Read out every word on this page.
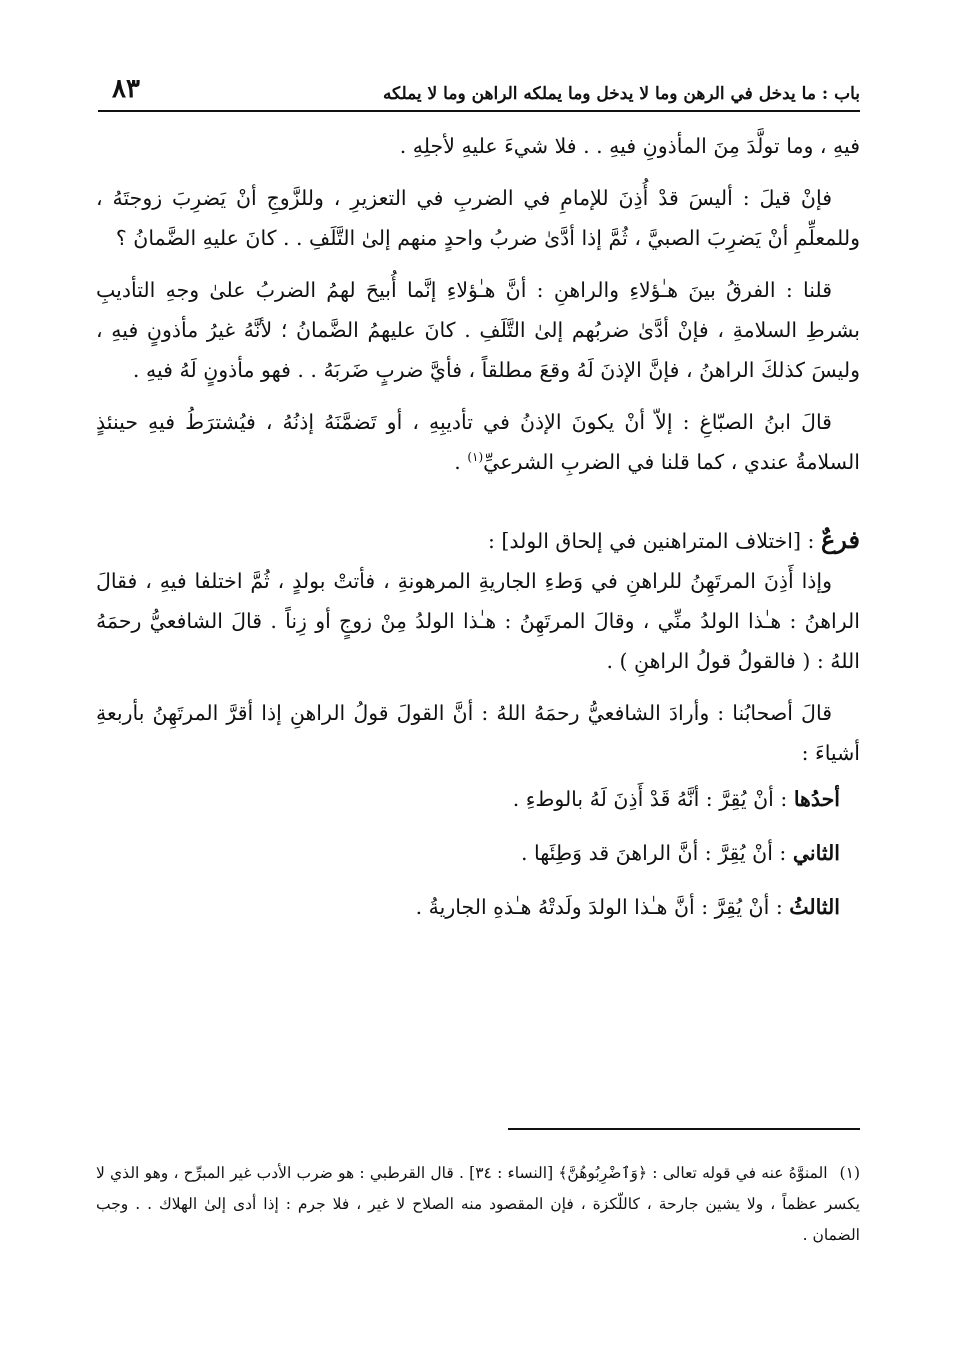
باب : ما يدخل في الرهن وما لا يدخل وما يملكه الراهن وما لا يملكه
٨٣

فيهِ ، وما تولَّدَ مِنَ المأذونِ فيهِ . . فلا شيءَ عليهِ لأجلِهِ .

فإنْ قيلَ : أليسَ قدْ أُذِنَ للإمامِ في الضربِ في التعزيرِ ، وللزَّوجِ أنْ يَضرِبَ زوجتَهُ ، وللمعلِّمِ أنْ يَضرِبَ الصبيَّ ، ثُمَّ إذا أدَّىٰ ضربُ واحدٍ منهم إلىٰ التَّلَفِ . . كانَ عليهِ الضَّمانُ ؟

قلنا : الفرقُ بينَ هـٰؤلاءِ والراهنِ : أنَّ هـٰؤلاءِ إنَّما أُبيحَ لهمُ الضربُ علىٰ وجهِ التأديبِ بشرطِ السلامةِ ، فإنْ أدَّىٰ ضربُهم إلىٰ التَّلَفِ . كانَ عليهمُ الضَّمانُ ؛ لأنَّهُ غيرُ مأذونٍ فيهِ ، وليسَ كذلكَ الراهنُ ، فإنَّ الإذنَ لَهُ وقعَ مطلقاً ، فأيَّ ضربٍ ضَربَهُ . . فهو مأذونٍ لَهُ فيهِ .

قالَ ابنُ الصبّاغِ : إلاّ أنْ يكونَ الإذنُ في تأديبِهِ ، أو تَضمَّنَهُ إذنُهُ ، فيُشترَطُ فيهِ حينئذٍ السلامةُ عندي ، كما قلنا في الضربِ الشرعيِّ$^{(١)}$ .

فرعٌ : [اختلاف المتراهنين في إلحاق الولد] :

وإذا أَذِنَ المرتَهِنُ للراهنِ في وَطءِ الجاريةِ المرهونةِ ، فأتتْ بولدٍ ، ثُمَّ اختلفا فيهِ ، فقالَ الراهنُ : هـٰذا الولدُ منِّي ، وقالَ المرتَهِنُ : هـٰذا الولدُ مِنْ زوجٍ أو زِناً . قالَ الشافعيُّ رحمَهُ اللهُ : ( فالقولُ قولُ الراهنِ ) .

قالَ أصحابُنا : وأرادَ الشافعيُّ رحمَهُ اللهُ : أنَّ القولَ قولُ الراهنِ إذا أقرَّ المرتَهِنُ بأربعةِ أشياءَ :

أحدُها : أنْ يُقِرَّ : أنَّهُ قَدْ أَذِنَ لَهُ بالوطءِ .
الثاني : أنْ يُقِرَّ : أنَّ الراهنَ قد وَطِئَها .
الثالثُ : أنْ يُقِرَّ : أنَّ هـٰذا الولدَ ولَدتْهُ هـٰذهِ الجاريةُ .
(١)المنوَّهُ عنه في قوله تعالى : ﴿وَٱضْرِبُوهُنَّ﴾ [النساء : ٣٤] . قال القرطبي : هو ضرب الأدب غير المبرِّح ، وهو الذي لا يكسر عظماً ، ولا يشين جارحة ، كاللّكزة ، فإن المقصود منه الصلاح لا غير ، فلا جرم : إذا أدى إلىٰ الهلاك . . وجب الضمان .
